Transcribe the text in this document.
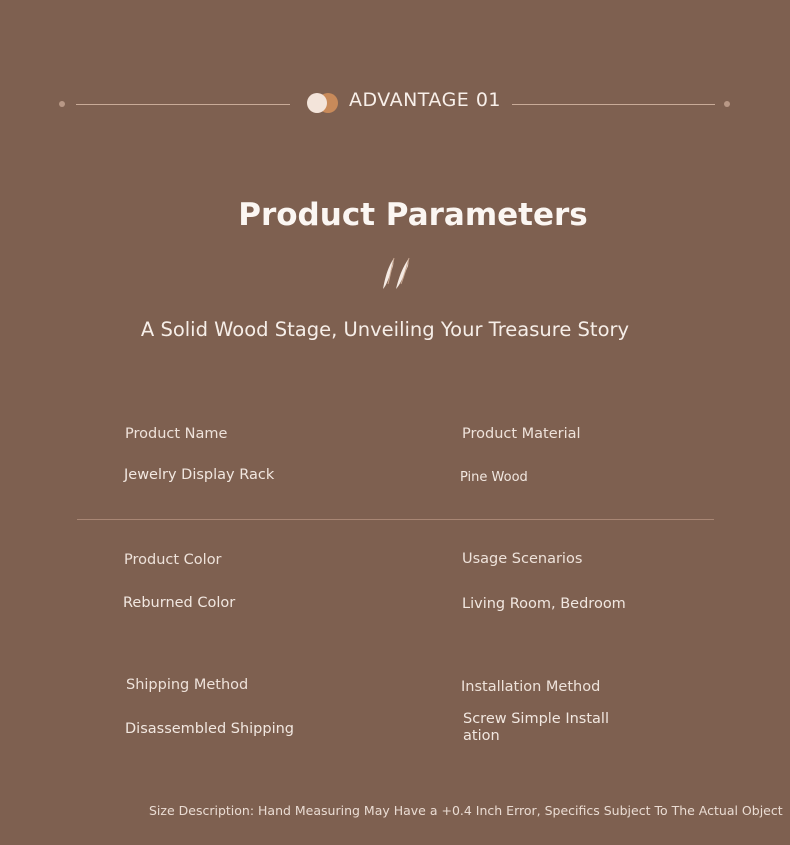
ADVANTAGE 01
Product Parameters
A Solid Wood Stage, Unveiling Your Treasure Story
Product Name
Jewelry Display Rack
Product Material
Pine Wood
Product Color
Reburned Color
Usage Scenarios
Living Room, Bedroom
Shipping Method
Disassembled Shipping
Installation Method
Screw Simple Install ation
Size Description: Hand Measuring May Have a +0.4 Inch Error, Specifics Subject To The Actual Object
